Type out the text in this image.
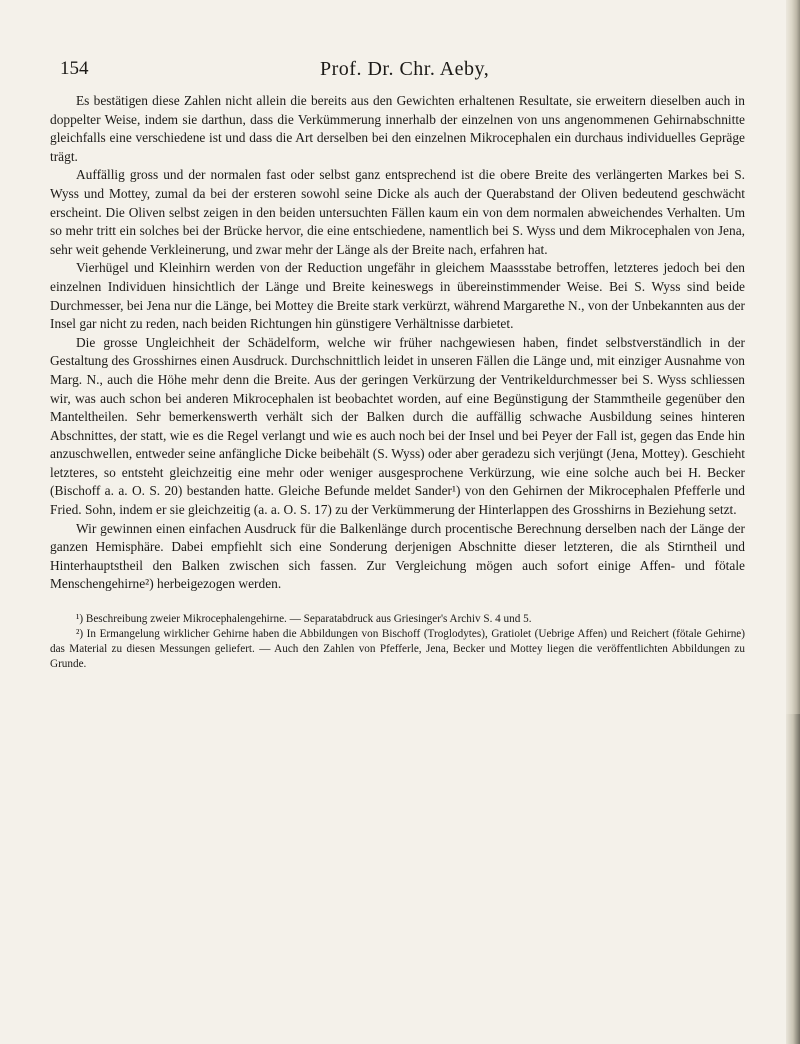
154	Prof. Dr. Chr. Aeby,

Es bestätigen diese Zahlen nicht allein die bereits aus den Gewichten erhaltenen Resultate, sie erweitern dieselben auch in doppelter Weise, indem sie darthun, dass die Verkümmerung innerhalb der einzelnen von uns angenommenen Gehirnabschnitte gleichfalls eine verschiedene ist und dass die Art derselben bei den einzelnen Mikrocephalen ein durchaus individuelles Gepräge trägt.

Auffällig gross und der normalen fast oder selbst ganz entsprechend ist die obere Breite des verlängerten Markes bei S. Wyss und Mottey, zumal da bei der ersteren sowohl seine Dicke als auch der Querabstand der Oliven bedeutend geschwächt erscheint. Die Oliven selbst zeigen in den beiden untersuchten Fällen kaum ein von dem normalen abweichendes Verhalten. Um so mehr tritt ein solches bei der Brücke hervor, die eine entschiedene, namentlich bei S. Wyss und dem Mikrocephalen von Jena, sehr weit gehende Verkleinerung, und zwar mehr der Länge als der Breite nach, erfahren hat.

Vierhügel und Kleinhirn werden von der Reduction ungefähr in gleichem Maassstabe betroffen, letzteres jedoch bei den einzelnen Individuen hinsichtlich der Länge und Breite keineswegs in übereinstimmender Weise. Bei S. Wyss sind beide Durchmesser, bei Jena nur die Länge, bei Mottey die Breite stark verkürzt, während Margarethe N., von der Unbekannten aus der Insel gar nicht zu reden, nach beiden Richtungen hin günstigere Verhältnisse darbietet.

Die grosse Ungleichheit der Schädelform, welche wir früher nachgewiesen haben, findet selbstverständlich in der Gestaltung des Grosshirnes einen Ausdruck. Durchschnittlich leidet in unseren Fällen die Länge und, mit einziger Ausnahme von Marg. N., auch die Höhe mehr denn die Breite. Aus der geringen Verkürzung der Ventrikeldurchmesser bei S. Wyss schliessen wir, was auch schon bei anderen Mikrocephalen ist beobachtet worden, auf eine Begünstigung der Stammtheile gegenüber den Manteltheilen. Sehr bemerkenswerth verhält sich der Balken durch die auffällig schwache Ausbildung seines hinteren Abschnittes, der statt, wie es die Regel verlangt und wie es auch noch bei der Insel und bei Peyer der Fall ist, gegen das Ende hin anzuschwellen, entweder seine anfängliche Dicke beibehält (S. Wyss) oder aber geradezu sich verjüngt (Jena, Mottey). Geschieht letzteres, so entsteht gleichzeitig eine mehr oder weniger ausgesprochene Verkürzung, wie eine solche auch bei H. Becker (Bischoff a. a. O. S. 20) bestanden hatte. Gleiche Befunde meldet Sander¹) von den Gehirnen der Mikrocephalen Pfefferle und Fried. Sohn, indem er sie gleichzeitig (a. a. O. S. 17) zu der Verkümmerung der Hinterlappen des Grosshirns in Beziehung setzt.

Wir gewinnen einen einfachen Ausdruck für die Balkenlänge durch procentische Berechnung derselben nach der Länge der ganzen Hemisphäre. Dabei empfiehlt sich eine Sonderung derjenigen Abschnitte dieser letzteren, die als Stirntheil und Hinterhauptstheil den Balken zwischen sich fassen. Zur Vergleichung mögen auch sofort einige Affen- und fötale Menschengehirne²) herbeigezogen werden.

¹) Beschreibung zweier Mikrocephalengehirne. — Separatabdruck aus Griesinger's Archiv S. 4 und 5.

²) In Ermangelung wirklicher Gehirne haben die Abbildungen von Bischoff (Troglodytes), Gratiolet (Uebrige Affen) und Reichert (fötale Gehirne) das Material zu diesen Messungen geliefert. — Auch den Zahlen von Pfefferle, Jena, Becker und Mottey liegen die veröffentlichten Abbildungen zu Grunde.
